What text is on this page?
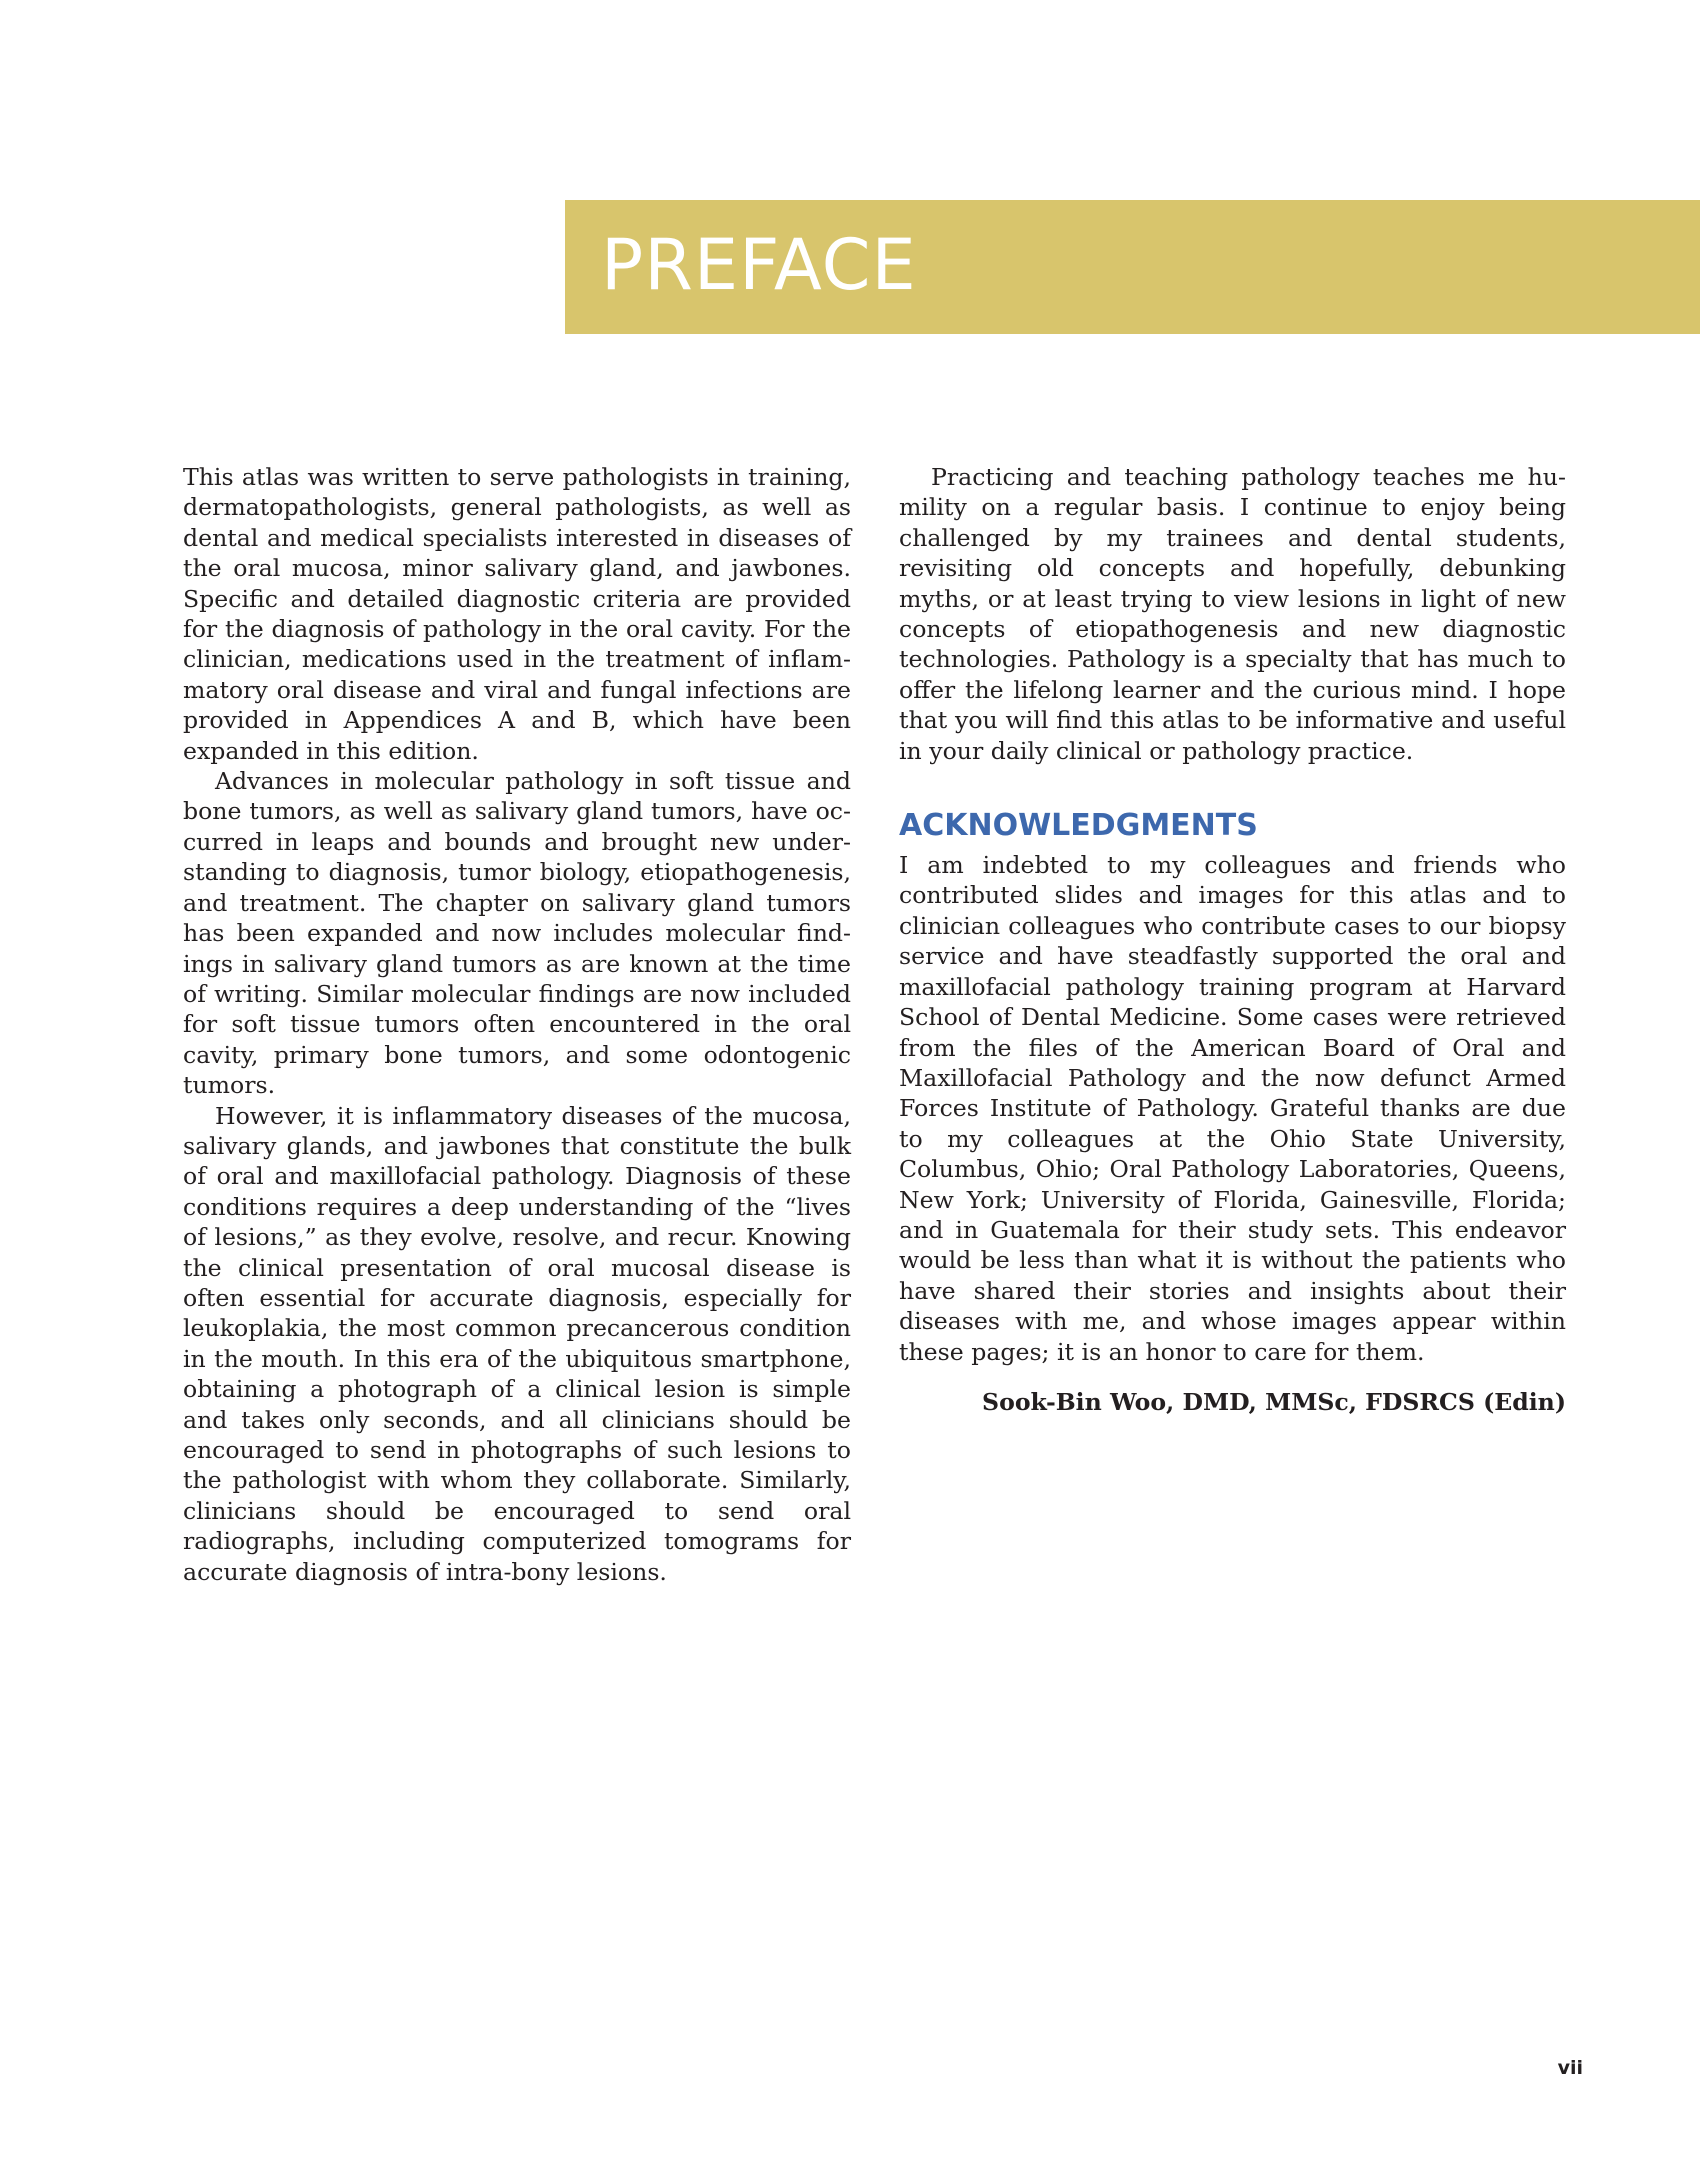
PREFACE

This atlas was written to serve pathologists in training, dermatopathologists, general pathologists, as well as dental and medical specialists interested in diseases of the oral mucosa, minor salivary gland, and jawbones. Specific and detailed diagnostic criteria are provided for the diagnosis of pathology in the oral cavity. For the clinician, medications used in the treatment of inflammatory oral disease and viral and fungal infections are provided in Appendices A and B, which have been expanded in this edition.

Advances in molecular pathology in soft tissue and bone tumors, as well as salivary gland tumors, have occurred in leaps and bounds and brought new understanding to diagnosis, tumor biology, etiopathogenesis, and treatment. The chapter on salivary gland tumors has been expanded and now includes molecular findings in salivary gland tumors as are known at the time of writing. Similar molecular findings are now included for soft tissue tumors often encountered in the oral cavity, primary bone tumors, and some odontogenic tumors.

However, it is inflammatory diseases of the mucosa, salivary glands, and jawbones that constitute the bulk of oral and maxillofacial pathology. Diagnosis of these conditions requires a deep understanding of the “lives of lesions,” as they evolve, resolve, and recur. Knowing the clinical presentation of oral mucosal disease is often essential for accurate diagnosis, especially for leukoplakia, the most common precancerous condition in the mouth. In this era of the ubiquitous smartphone, obtaining a photograph of a clinical lesion is simple and takes only seconds, and all clinicians should be encouraged to send in photographs of such lesions to the pathologist with whom they collaborate. Similarly, clinicians should be encouraged to send oral radiographs, including computerized tomograms for accurate diagnosis of intra-bony lesions.

Practicing and teaching pathology teaches me humility on a regular basis. I continue to enjoy being challenged by my trainees and dental students, revisiting old concepts and hopefully, debunking myths, or at least trying to view lesions in light of new concepts of etiopathogenesis and new diagnostic technologies. Pathology is a specialty that has much to offer the lifelong learner and the curious mind. I hope that you will find this atlas to be informative and useful in your daily clinical or pathology practice.

ACKNOWLEDGMENTS

I am indebted to my colleagues and friends who contributed slides and images for this atlas and to clinician colleagues who contribute cases to our biopsy service and have steadfastly supported the oral and maxillofacial pathology training program at Harvard School of Dental Medicine. Some cases were retrieved from the files of the American Board of Oral and Maxillofacial Pathology and the now defunct Armed Forces Institute of Pathology. Grateful thanks are due to my colleagues at the Ohio State University, Columbus, Ohio; Oral Pathology Laboratories, Queens, New York; University of Florida, Gainesville, Florida; and in Guatemala for their study sets. This endeavor would be less than what it is without the patients who have shared their stories and insights about their diseases with me, and whose images appear within these pages; it is an honor to care for them.

Sook-Bin Woo, DMD, MMSc, FDSRCS (Edin)

vii
